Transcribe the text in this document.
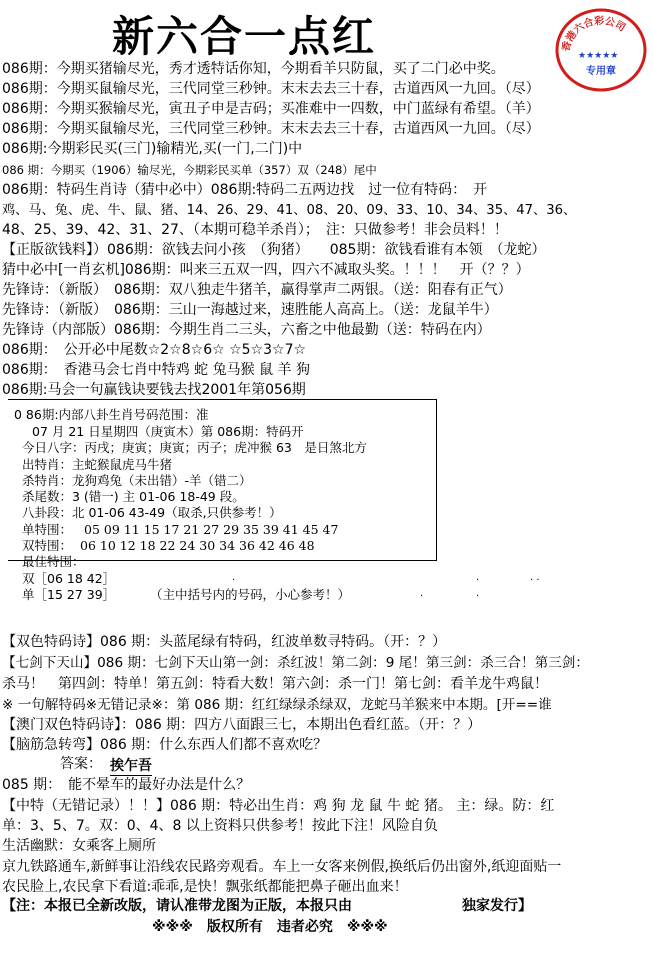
新六合一点红	香港六合彩公司
★★★★★
专用章
086期：今期买猪输尽光，秀才透特话你知，今期看羊只防鼠，买了二门必中奖。
086期：今期买鼠输尽光，三代同堂三秒钟。末末去去三十春，古道西风一九回。（尽）
086期：今期买猴输尽光，寅丑子申是吉码；买准难中一四数，中门蓝绿有希望。（羊）
086期：今期买鼠输尽光，三代同堂三秒钟。末末去去三十春，古道西风一九回。（尽）
086期:今期彩民买(三门)输精光,买(一门,二门)中
086 期：今期买（1906）输尽光，今期彩民买单（357）双（248）尾中
086期：特码生肖诗（猜中必中）086期:特码二五两边找　过一位有特码：　开
鸡、马、兔、虎、牛、鼠、猪、14、26、29、41、08、20、09、33、10、34、35、47、36、
48、25、39、42、31、27、（本期可稳羊杀肖）；　注：只做参考！非会员料！！
【正版欲钱料】）086期：欲钱去问小孩　（狗猪）　　085期：欲钱看谁有本领　（龙蛇）
猜中必中[一肖玄机]086期：叫来三五双一四，四六不减取头奖。！！！　开（？？）
先锋诗：（新版）　086期：双八独走牛猪羊，赢得掌声二两银。（送：阳春有正气）
先锋诗：（新版）　086期：三山一海越过来，速胜能人高高上。（送：龙鼠羊牛）
先锋诗（内部版）086期：今期生肖二三头，六畜之中他最勤（送：特码在内）
086期：　公开必中尾数☆2☆8☆6☆ ☆5☆3☆7☆
086期：　香港马会七肖中特鸡 蛇 兔马猴 鼠 羊 狗
086期:马会一句赢钱诀要钱去找2001年第056期
0 86期:内部八卦生肖号码范围：准
07 月 21 日星期四（庚寅木）第 086期：特码开
今日八字：丙戌；庚寅；庚寅；丙子；虎冲猴 63　是日煞北方
出特肖：主蛇猴鼠虎马牛猪
杀特肖：龙狗鸡兔（未出错）-羊（错二）
杀尾数：3 (错一) 主 01-06 18-49 段。
八卦段：北 01-06 43-49（取杀,只供参考！）
单特围： 05 09 11 15 17 21 27 29 35 39 41 45 47
双特围： 06 10 12 18 22 24 30 34 36 42 46 48
最佳特围：
双［06 18 42］
单［15 27 39］	（主中括号内的号码，小心参考！）
.	.	. .
.	.
【双色特码诗】086 期：头蓝尾绿有特码，红波单数寻特码。（开：？）
【七剑下天山】086 期：七剑下天山第一剑：杀红波！第二剑：9 尾！第三剑：杀三合！第三剑：
杀马！　第四剑：特单！第五剑：特看大数！第六剑：杀一门！第七剑：看羊龙牛鸡鼠！
※ 一句解特码※无错记录※：第 086 期：红红绿绿杀绿双，龙蛇马羊猴来中本期。[开==谁
【澳门双色特码诗】：086 期：四方八面跟三七，本期出色看红蓝。（开：？）
【脑筋急转弯】086 期：什么东西人们都不喜欢吃？
答案： 挨乍吾
085 期：　能不晕车的最好办法是什么？
【中特（无错记录）！！】086 期：特必出生肖：鸡 狗 龙 鼠 牛 蛇 猪。 主：绿。防：红
单：3、5、7。双：0、4、8 以上资料只供参考！按此下注！风险自负
生活幽默：女乘客上厕所
京九铁路通车,新鲜事让沿线农民路旁观看。车上一女客来例假,换纸后仍出窗外,纸迎面贴一
农民脸上,农民拿下看道:乖乖,是快！飘张纸都能把鼻子砸出血来！
【注：本报已全新改版，请认准带龙图为正版，本报只由	独家发行】
※※※　版权所有　违者必究　※※※
